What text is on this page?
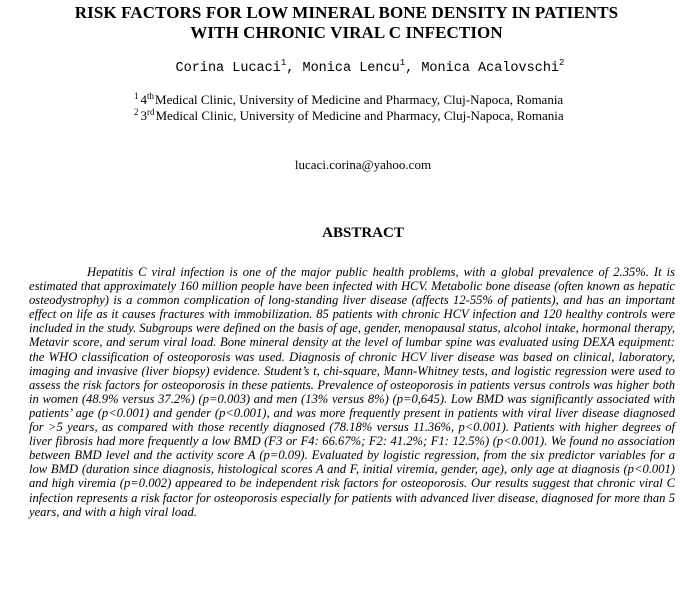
RISK FACTORS FOR LOW MINERAL BONE DENSITY IN PATIENTS
WITH CHRONIC VIRAL C INFECTION
Corina Lucaci$^1$, Monica Lencu$^1$, Monica Acalovschi$^2$
$^1$ 4thMedical Clinic, University of Medicine and Pharmacy, Cluj-Napoca, Romania
$^2$ 3rdMedical Clinic, University of Medicine and Pharmacy, Cluj-Napoca, Romania
lucaci.corina@yahoo.com
ABSTRACT

Hepatitis C viral infection is one of the major public health problems, with a global prevalence of 2.35%. It is estimated that approximately 160 million people have been infected with HCV. Metabolic bone disease (often known as hepatic osteodystrophy) is a common complication of long-standing liver disease (affects 12-55% of patients), and has an important effect on life as it causes fractures with immobilization. 85 patients with chronic HCV infection and 120 healthy controls were included in the study. Subgroups were defined on the basis of age, gender, menopausal status, alcohol intake, hormonal therapy, Metavir score, and serum viral load. Bone mineral density at the level of lumbar spine was evaluated using DEXA equipment: the WHO classification of osteoporosis was used. Diagnosis of chronic HCV liver disease was based on clinical, laboratory, imaging and invasive (liver biopsy) evidence. Student’s t, chi-square, Mann-Whitney tests, and logistic regression were used to assess the risk factors for osteoporosis in these patients. Prevalence of osteoporosis in patients versus controls was higher both in women (48.9% versus 37.2%) (p=0.003) and men (13% versus 8%) (p=0,645). Low BMD was significantly associated with patients’ age (p<0.001) and gender (p<0.001), and was more frequently present in patients with viral liver disease diagnosed for >5 years, as compared with those recently diagnosed (78.18% versus 11.36%, p<0.001). Patients with higher degrees of liver fibrosis had more frequently a low BMD (F3 or F4: 66.67%; F2: 41.2%; F1: 12.5%) (p<0.001). We found no association between BMD level and the activity score A (p=0.09). Evaluated by logistic regression, from the six predictor variables for a low BMD (duration since diagnosis, histological scores A and F, initial viremia, gender, age), only age at diagnosis (p<0.001) and high viremia (p=0.002) appeared to be independent risk factors for osteoporosis. Our results suggest that chronic viral C infection represents a risk factor for osteoporosis especially for patients with advanced liver disease, diagnosed for more than 5 years, and with a high viral load.
